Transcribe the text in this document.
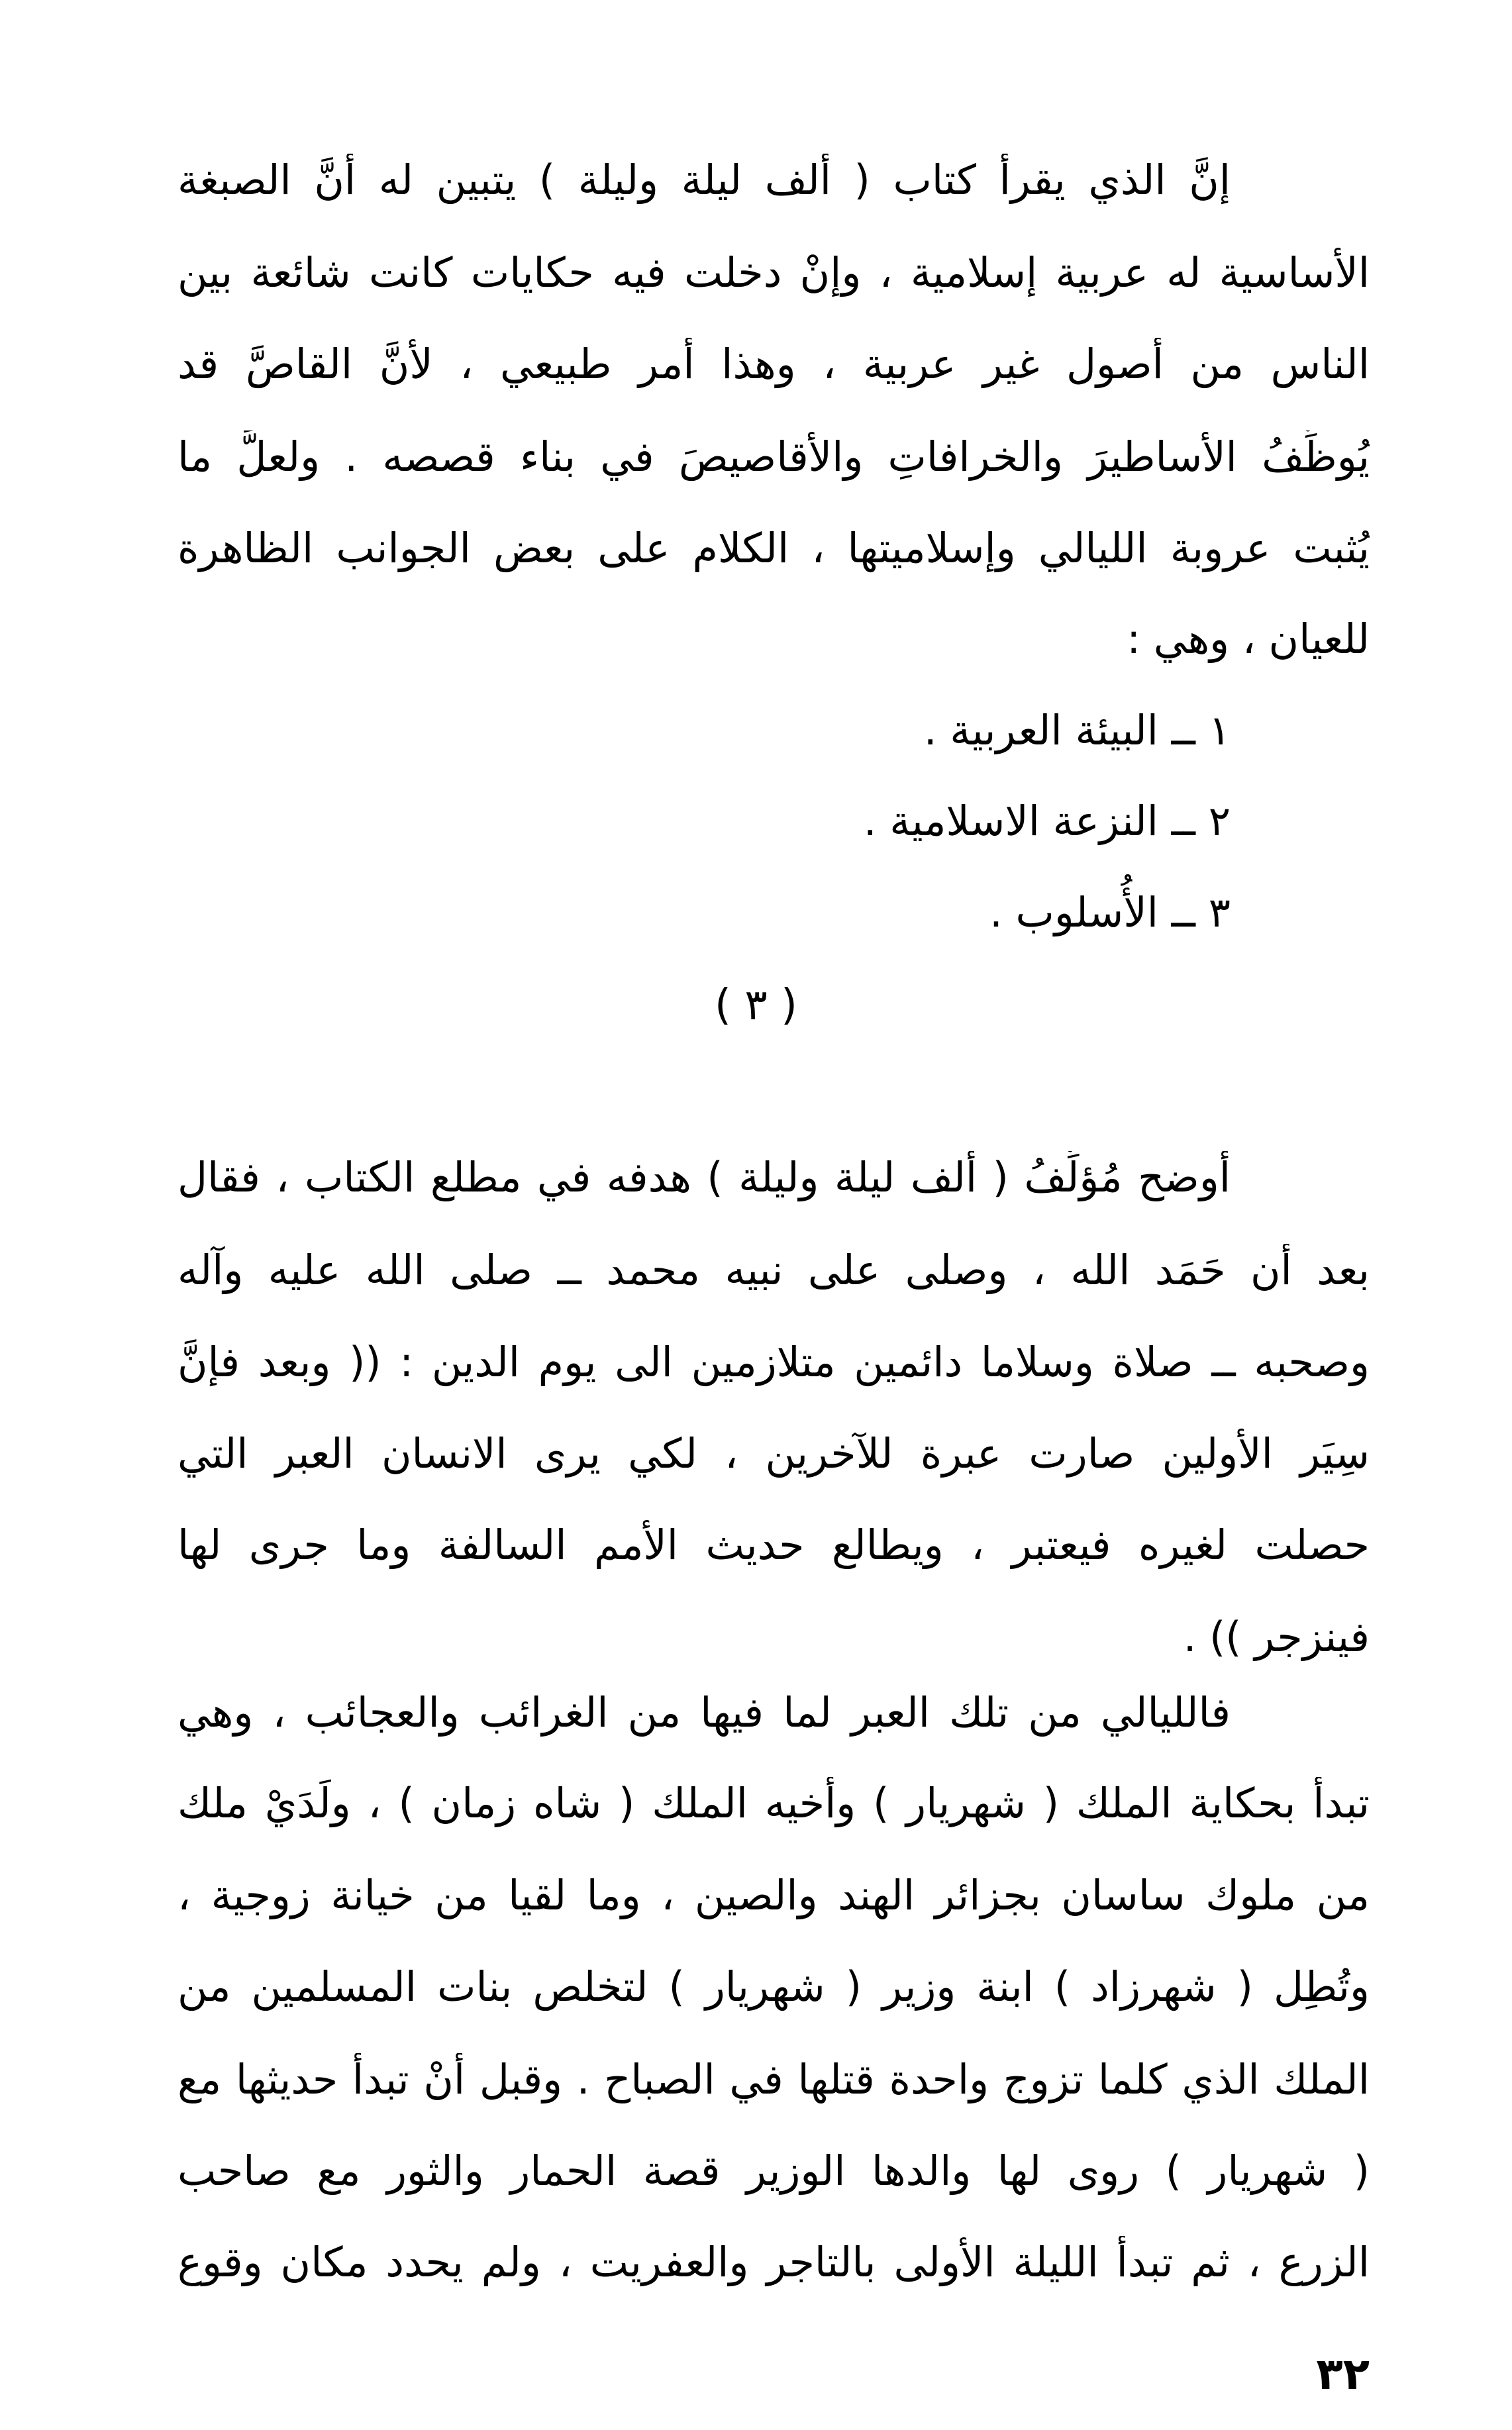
إنَّ الذي يقرأ كتاب ( ألف ليلة وليلة ) يتبين له أنَّ الصبغة
الأساسية له عربية إسلامية ، وإنْ دخلت فيه حكايات كانت شائعة بين
الناس من أصول غير عربية ، وهذا أمر طبيعي ، لأنَّ القاصَّ قد
يُوظِّفُ الأساطيرَ والخرافاتِ والأقاصيصَ في بناء قصصه . ولعلَّ ما
يُثبت عروبة الليالي وإسلاميتها ، الكلام على بعض الجوانب الظاهرة
للعيان ، وهي :
١ ــ البيئة العربية .
٢ ــ النزعة الاسلامية .
٣ ــ الأُسلوب .
( ٣ )
أوضح مُؤلِّفُ ( ألف ليلة وليلة ) هدفه في مطلع الكتاب ، فقال
بعد أن حَمَد الله ، وصلى على نبيه محمد ــ صلى الله عليه وآله
وصحبه ــ صلاة وسلاما دائمين متلازمين الى يوم الدين : (( وبعد فإنَّ
سِيَر الأولين صارت عبرة للآخرين ، لكي يرى الانسان العبر التي
حصلت لغيره فيعتبر ، ويطالع حديث الأُمم السالفة وما جرى لها
فينزجر )) .
فالليالي من تلك العبر لما فيها من الغرائب والعجائب ، وهي
تبدأُ بحكاية الملك ( شهريار ) وأخيه الملك ( شاه زمان ) ، ولَدَيْ ملك
من ملوك ساسان بجزائر الهند والصين ، وما لقيا من خيانة زوجية ،
وتُطِل ( شهرزاد ) ابنة وزير ( شهريار ) لتخلص بنات المسلمين من
الملك الذي كلما تزوج واحدة قتلها في الصباح . وقبل أنْ تبدأ حديثها مع
( شهريار ) روى لها والدها الوزير قصة الحمار والثور مع صاحب
الزرع ، ثم تبدأ الليلة الأُولى بالتاجر والعفريت ، ولم يحدد مكان وقوع
٣٢
